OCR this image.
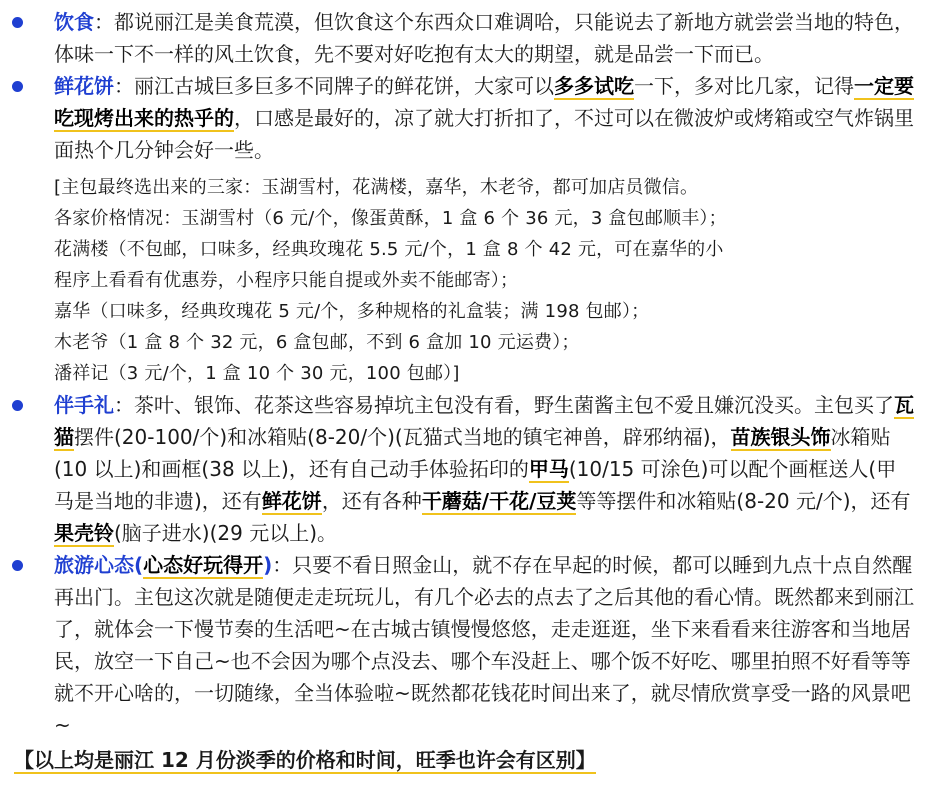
饮食：都说丽江是美食荒漠，但饮食这个东西众口难调哈，只能说去了新地方就尝尝当地的特色，体味一下不一样的风土饮食，先不要对好吃抱有太大的期望，就是品尝一下而已。
鲜花饼：丽江古城巨多巨多不同牌子的鲜花饼，大家可以多多试吃一下，多对比几家，记得一定要吃现烤出来的热乎的，口感是最好的，凉了就大打折扣了，不过可以在微波炉或烤箱或空气炸锅里面热个几分钟会好一些。
[主包最终选出来的三家：玉湖雪村，花满楼，嘉华，木老爷，都可加店员微信。
各家价格情况：玉湖雪村（6 元/个，像蛋黄酥，1 盒 6 个 36 元，3 盒包邮顺丰）；
花满楼（不包邮，口味多，经典玫瑰花 5.5 元/个，1 盒 8 个 42 元，可在嘉华的小
程序上看看有优惠券，小程序只能自提或外卖不能邮寄）；
嘉华（口味多，经典玫瑰花 5 元/个，多种规格的礼盒装；满 198 包邮）；
木老爷（1 盒 8 个 32 元，6 盒包邮，不到 6 盒加 10 元运费）；
潘祥记（3 元/个，1 盒 10 个 30 元，100 包邮）]
伴手礼：茶叶、银饰、花茶这些容易掉坑主包没有看，野生菌酱主包不爱且嫌沉没买。主包买了瓦猫摆件(20-100/个)和冰箱贴(8-20/个)(瓦猫式当地的镇宅神兽，辟邪纳福)，苗族银头饰冰箱贴(10 以上)和画框(38 以上)，还有自己动手体验拓印的甲马(10/15 可涂色)可以配个画框送人(甲马是当地的非遗)，还有鲜花饼，还有各种干蘑菇/干花/豆荚等等摆件和冰箱贴(8-20 元/个)，还有果壳铃(脑子进水)(29 元以上)。
旅游心态(心态好玩得开)：只要不看日照金山，就不存在早起的时候，都可以睡到九点十点自然醒再出门。主包这次就是随便走走玩玩儿，有几个必去的点去了之后其他的看心情。既然都来到丽江了，就体会一下慢节奏的生活吧~在古城古镇慢慢悠悠，走走逛逛，坐下来看看来往游客和当地居民，放空一下自己~也不会因为哪个点没去、哪个车没赶上、哪个饭不好吃、哪里拍照不好看等等就不开心啥的，一切随缘，全当体验啦~既然都花钱花时间出来了，就尽情欣赏享受一路的风景吧~
【以上均是丽江 12 月份淡季的价格和时间，旺季也许会有区别】
